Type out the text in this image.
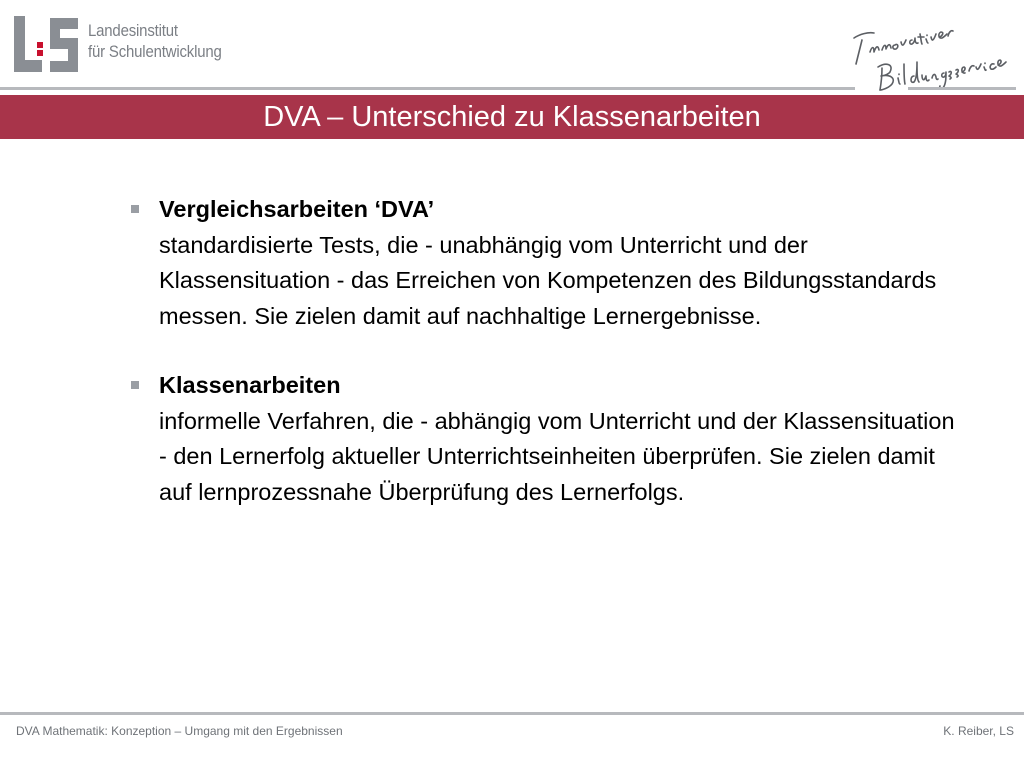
Landesinstitut
für Schulentwicklung
DVA – Unterschied zu Klassenarbeiten
Vergleichsarbeiten ‘DVA’
standardisierte Tests, die - unabhängig vom Unterricht und der Klassensituation - das Erreichen von Kompetenzen des Bildungsstandards messen. Sie zielen damit auf nachhaltige Lernergebnisse.
Klassenarbeiten
informelle Verfahren, die - abhängig vom Unterricht und der Klassensituation - den Lernerfolg aktueller Unterrichtseinheiten überprüfen. Sie zielen damit auf lernprozessnahe Überprüfung des Lernerfolgs.
DVA Mathematik: Konzeption – Umgang mit den Ergebnissen	K. Reiber, LS
